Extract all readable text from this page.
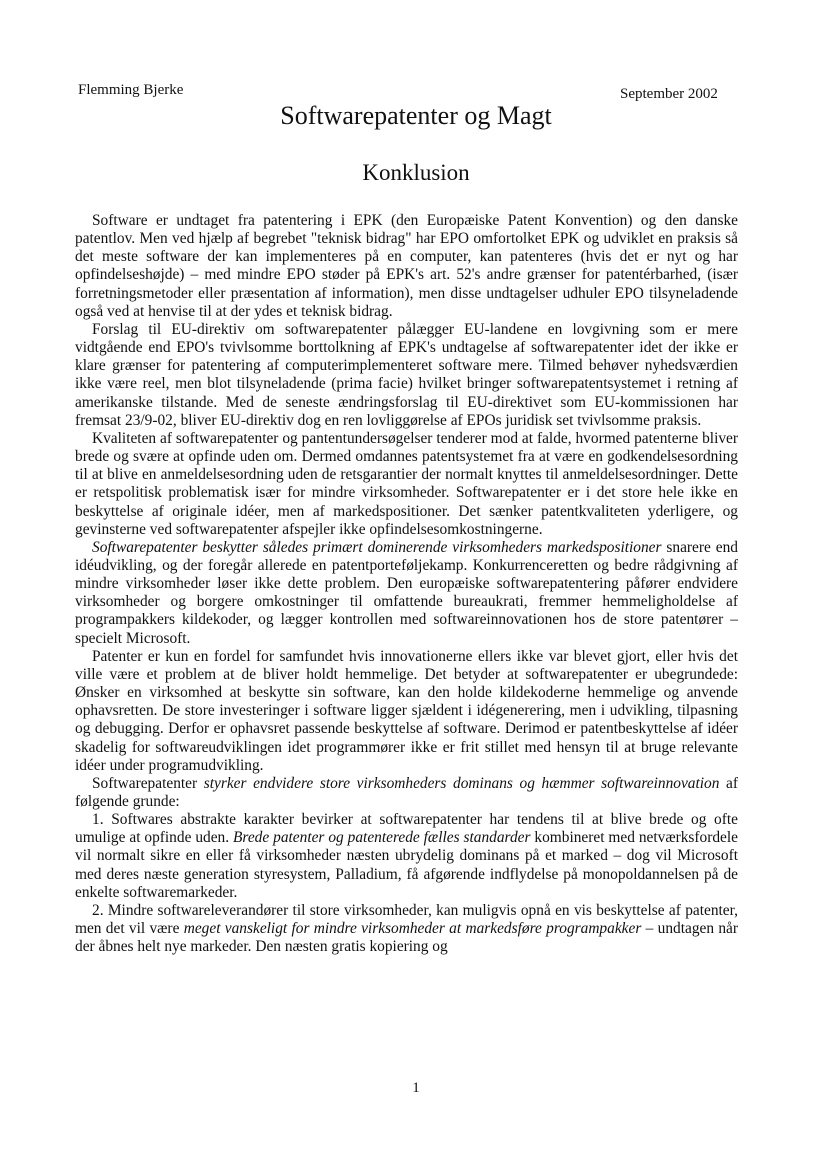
Flemming Bjerke	September 2002
Softwarepatenter og Magt
Konklusion

Software er undtaget fra patentering i EPK (den Europæiske Patent Konvention) og den danske patentlov. Men ved hjælp af begrebet "teknisk bidrag" har EPO omfortolket EPK og udviklet en praksis så det meste software der kan implementeres på en computer, kan patenteres (hvis det er nyt og har opfindelseshøjde) – med mindre EPO støder på EPK's art. 52's andre grænser for patentérbarhed, (især forretningsmetoder eller præsentation af information), men disse undtagelser udhuler EPO tilsyneladende også ved at henvise til at der ydes et teknisk bidrag.

Forslag til EU-direktiv om softwarepatenter pålægger EU-landene en lovgivning som er mere vidtgående end EPO's tvivlsomme borttolkning af EPK's undtagelse af softwarepatenter idet der ikke er klare grænser for patentering af computerimplementeret software mere. Tilmed behøver nyhedsværdien ikke være reel, men blot tilsyneladende (prima facie) hvilket bringer softwarepatentsystemet i retning af amerikanske tilstande. Med de seneste ændringsforslag til EU-direktivet som EU-kommissionen har fremsat 23/9-02, bliver EU-direktiv dog en ren lovliggørelse af EPOs juridisk set tvivlsomme praksis.

Kvaliteten af softwarepatenter og pantentundersøgelser tenderer mod at falde, hvormed patenterne bliver brede og svære at opfinde uden om. Dermed omdannes patentsystemet fra at være en godkendelsesordning til at blive en anmeldelsesordning uden de retsgarantier der normalt knyttes til anmeldelsesordninger. Dette er retspolitisk problematisk især for mindre virksomheder. Softwarepatenter er i det store hele ikke en beskyttelse af originale idéer, men af markedspositioner. Det sænker patentkvaliteten yderligere, og gevinsterne ved softwarepatenter afspejler ikke opfindelsesomkostningerne.

Softwarepatenter beskytter således primært dominerende virksomheders markedspositioner snarere end idéudvikling, og der foregår allerede en patentporteføljekamp. Konkurrenceretten og bedre rådgivning af mindre virksomheder løser ikke dette problem. Den europæiske softwarepatentering påfører endvidere virksomheder og borgere omkostninger til omfattende bureaukrati, fremmer hemmeligholdelse af programpakkers kildekoder, og lægger kontrollen med softwareinnovationen hos de store patentører – specielt Microsoft.

Patenter er kun en fordel for samfundet hvis innovationerne ellers ikke var blevet gjort, eller hvis det ville være et problem at de bliver holdt hemmelige. Det betyder at softwarepatenter er ubegrundede: Ønsker en virksomhed at beskytte sin software, kan den holde kildekoderne hemmelige og anvende ophavsretten. De store investeringer i software ligger sjældent i idégenerering, men i udvikling, tilpasning og debugging. Derfor er ophavsret passende beskyttelse af software. Derimod er patentbeskyttelse af idéer skadelig for softwareudviklingen idet programmører ikke er frit stillet med hensyn til at bruge relevante idéer under programudvikling.

Softwarepatenter styrker endvidere store virksomheders dominans og hæmmer softwareinnovation af følgende grunde:

1. Softwares abstrakte karakter bevirker at softwarepatenter har tendens til at blive brede og ofte umulige at opfinde uden. Brede patenter og patenterede fælles standarder kombineret med netværksfordele vil normalt sikre en eller få virksomheder næsten ubrydelig dominans på et marked – dog vil Microsoft med deres næste generation styresystem, Palladium, få afgørende indflydelse på monopoldannelsen på de enkelte softwaremarkeder.

2. Mindre softwareleverandører til store virksomheder, kan muligvis opnå en vis beskyttelse af patenter, men det vil være meget vanskeligt for mindre virksomheder at markedsføre programpakker – undtagen når der åbnes helt nye markeder. Den næsten gratis kopiering og

1
